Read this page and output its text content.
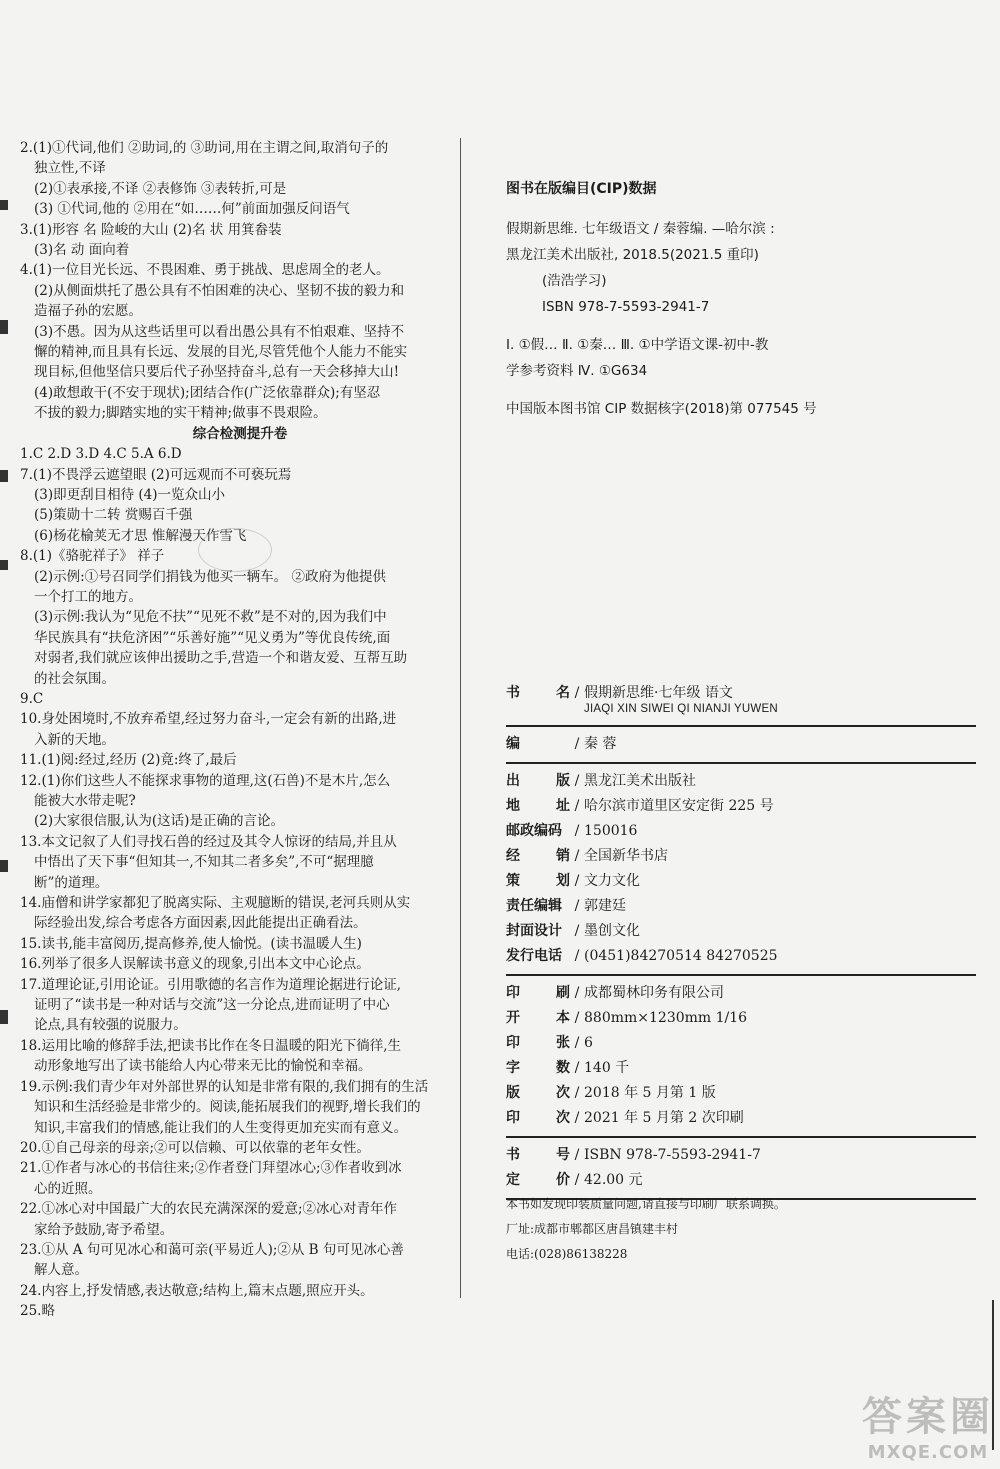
2.(1)①代词,他们 ②助词,的 ③助词,用在主谓之间,取消句子的
独立性,不译
(2)①表承接,不译 ②表修饰 ③表转折,可是
(3) ①代词,他的 ②用在“如……何”前面加强反问语气
3.(1)形容 名 险峻的大山 (2)名 状 用箕畚装
(3)名 动 面向着
4.(1)一位目光长远、不畏困难、勇于挑战、思虑周全的老人。
(2)从侧面烘托了愚公具有不怕困难的决心、坚韧不拔的毅力和
造福子孙的宏愿。
(3)不愚。因为从这些话里可以看出愚公具有不怕艰难、坚持不
懈的精神,而且具有长远、发展的目光,尽管凭他个人能力不能实
现目标,但他坚信只要后代子孙坚持奋斗,总有一天会移掉大山!
(4)敢想敢干(不安于现状);团结合作(广泛依靠群众);有坚忍
不拔的毅力;脚踏实地的实干精神;做事不畏艰险。
综合检测提升卷
1.C 2.D 3.D 4.C 5.A 6.D
7.(1)不畏浮云遮望眼 (2)可远观而不可亵玩焉
(3)即更刮目相待 (4)一览众山小
(5)策勋十二转 赏赐百千强
(6)杨花榆荚无才思 惟解漫天作雪飞
8.(1)《骆驼祥子》 祥子
(2)示例:①号召同学们捐钱为他买一辆车。 ②政府为他提供
一个打工的地方。
(3)示例:我认为“见危不扶”“见死不救”是不对的,因为我们中
华民族具有“扶危济困”“乐善好施”“见义勇为”等优良传统,面
对弱者,我们就应该伸出援助之手,营造一个和谐友爱、互帮互助
的社会氛围。
9.C
10.身处困境时,不放弃希望,经过努力奋斗,一定会有新的出路,进
入新的天地。
11.(1)阅:经过,经历 (2)竟:终了,最后
12.(1)你们这些人不能探求事物的道理,这(石兽)不是木片,怎么
能被大水带走呢?
(2)大家很信服,认为(这话)是正确的言论。
13.本文记叙了人们寻找石兽的经过及其令人惊讶的结局,并且从
中悟出了天下事“但知其一,不知其二者多矣”,不可“据理臆
断”的道理。
14.庙僧和讲学家都犯了脱离实际、主观臆断的错误,老河兵则从实
际经验出发,综合考虑各方面因素,因此能提出正确看法。
15.读书,能丰富阅历,提高修养,使人愉悦。(读书温暖人生)
16.列举了很多人误解读书意义的现象,引出本文中心论点。
17.道理论证,引用论证。引用歌德的名言作为道理论据进行论证,
证明了“读书是一种对话与交流”这一分论点,进而证明了中心
论点,具有较强的说服力。
18.运用比喻的修辞手法,把读书比作在冬日温暖的阳光下徜徉,生
动形象地写出了读书能给人内心带来无比的愉悦和幸福。
19.示例:我们青少年对外部世界的认知是非常有限的,我们拥有的生活
知识和生活经验是非常少的。阅读,能拓展我们的视野,增长我们的
知识,丰富我们的情感,能让我们的人生变得更加充实而有意义。
20.①自己母亲的母亲;②可以信赖、可以依靠的老年女性。
21.①作者与冰心的书信往来;②作者登门拜望冰心;③作者收到冰
心的近照。
22.①冰心对中国最广大的农民充满深深的爱意;②冰心对青年作
家给予鼓励,寄予希望。
23.①从 A 句可见冰心和蔼可亲(平易近人);②从 B 句可见冰心善
解人意。
24.内容上,抒发情感,表达敬意;结构上,篇末点题,照应开头。
25.略
图书在版编目(CIP)数据
假期新思维. 七年级语文 / 秦蓉编. —哈尔滨 :
黑龙江美术出版社, 2018.5(2021.5 重印)
(浩浩学习)
ISBN 978-7-5593-2941-7
Ⅰ. ①假… Ⅱ. ①秦… Ⅲ. ①中学语文课-初中-教
学参考资料 Ⅳ. ①G634
中国版本图书馆 CIP 数据核字(2018)第 077545 号
书	名 / 假期新思维·七年级 语文
JIAQI XIN SIWEI QI NIANJI YUWEN
编	/ 秦 蓉
出	版 / 黑龙江美术出版社
地	址 / 哈尔滨市道里区安定街 225 号
邮政编码 / 150016
经	销 / 全国新华书店
策	划 / 文力文化
责任编辑 / 郭建廷
封面设计 / 墨创文化
发行电话 / (0451)84270514 84270525
印	刷 / 成都蜀林印务有限公司
开	本 / 880mm×1230mm 1/16
印	张 / 6
字	数 / 140 千
版	次 / 2018 年 5 月第 1 版
印	次 / 2021 年 5 月第 2 次印刷
书	号 / ISBN 978-7-5593-2941-7
定	价 / 42.00 元
本书如发现印装质量问题,请直接与印刷厂联系调换。
厂址:成都市郫都区唐昌镇建丰村
电话:(028)86138228
答案圈
MXQE.COM
